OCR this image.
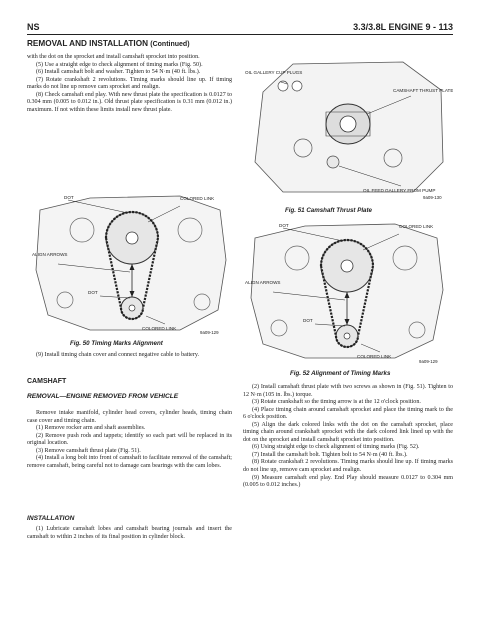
NS	3.3/3.8L ENGINE 9 - 113
REMOVAL AND INSTALLATION (Continued)

with the dot on the sprocket and install camshaft sprocket into position.

(5) Use a straight edge to check alignment of timing marks (Fig. 50).

(6) Install camshaft bolt and washer. Tighten to 54 N·m (40 ft. lbs.).

(7) Rotate crankshaft 2 revolutions. Timing marks should line up. If timing marks do not line up remove cam sprocket and realign.

(8) Check camshaft end play. With new thrust plate the specification is 0.0127 to 0.304 mm (0.005 to 0.012 in.). Old thrust plate specification is 0.31 mm (0.012 in.) maximum. If not within these limits install new thrust plate.

DOT	COLORED LINK
ALIGN ARROWS
DOT
COLORED LINK
9a09-129
Fig. 50 Timing Marks Alignment

(9) Install timing chain cover and connect negative cable to battery.

CAMSHAFT
REMOVAL—ENGINE REMOVED FROM VEHICLE

Remove intake manifold, cylinder head covers, cylinder heads, timing chain case cover and timing chain.

(1) Remove rocker arm and shaft assemblies.

(2) Remove push rods and tappets; identify so each part will be replaced in its original location.

(3) Remove camshaft thrust plate (Fig. 51).

(4) Install a long bolt into front of camshaft to facilitate removal of the camshaft; remove camshaft, being careful not to damage cam bearings with the cam lobes.

INSTALLATION

(1) Lubricate camshaft lobes and camshaft bearing journals and insert the camshaft to within 2 inches of its final position in cylinder block.

OIL GALLERY CUP PLUGS
CAMSHAFT THRUST PLATE
OIL FEED GALLERY FROM PUMP
9a09-130
Fig. 51 Camshaft Thrust Plate
DOT	COLORED LINK
ALIGN ARROWS
DOT
COLORED LINK
9a09-129
Fig. 52 Alignment of Timing Marks

(2) Install camshaft thrust plate with two screws as shown in (Fig. 51). Tighten to 12 N·m (105 in. lbs.) torque.

(3) Rotate crankshaft so the timing arrow is at the 12 o'clock position.

(4) Place timing chain around camshaft sprocket and place the timing mark to the 6 o'clock position.

(5) Align the dark colored links with the dot on the camshaft sprocket, place timing chain around crankshaft sprocket with the dark colored link lined up with the dot on the sprocket and install camshaft sprocket into position.

(6) Using straight edge to check alignment of timing marks (Fig. 52).

(7) Install the camshaft bolt. Tighten bolt to 54 N·m (40 ft. lbs.).

(8) Rotate crankshaft 2 revolutions. Timing marks should line up. If timing marks do not line up, remove cam sprocket and realign.

(9) Measure camshaft end play. End Play should measure 0.0127 to 0.304 mm (0.005 to 0.012 inches.)
